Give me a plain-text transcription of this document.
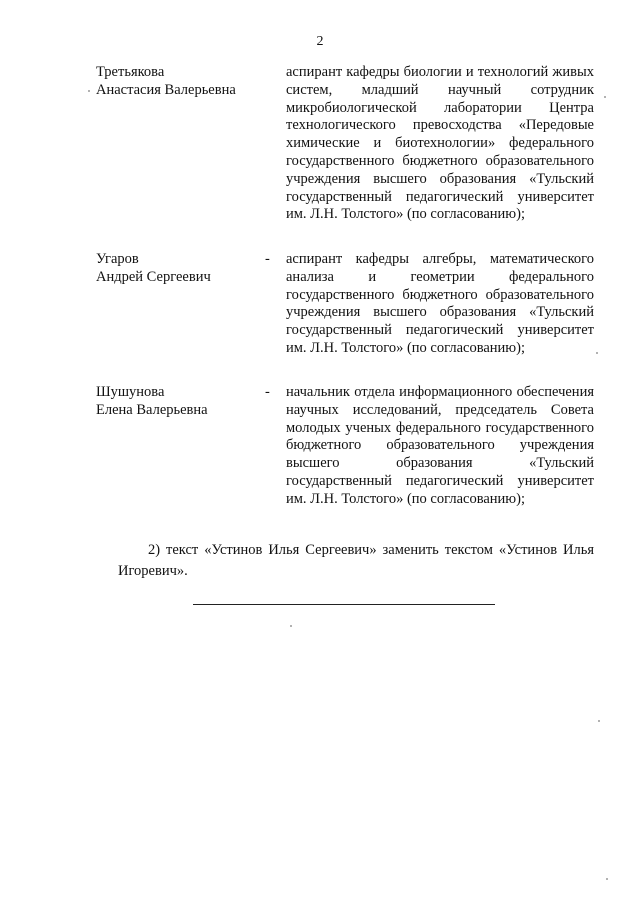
2
Третьякова
Анастасия Валерьевна
аспирант кафедры биологии и технологий живых систем, младший научный сотрудник микробиологической лаборатории Центра технологического превосходства «Передовые химические и биотехнологии» федерального государственного бюджетного образовательного учреждения высшего образования «Тульский государственный педагогический университет им. Л.Н. Толстого» (по согласованию);
Угаров
Андрей Сергеевич
- аспирант кафедры алгебры, математического анализа и геометрии федерального государственного бюджетного образовательного учреждения высшего образования «Тульский государственный педагогический университет им. Л.Н. Толстого» (по согласованию);
Шушунова
Елена Валерьевна
- начальник отдела информационного обеспечения научных исследований, председатель Совета молодых ученых федерального государственного бюджетного образовательного учреждения высшего образования «Тульский государственный педагогический университет им. Л.Н. Толстого» (по согласованию);
2) текст «Устинов Илья Сергеевич» заменить текстом «Устинов Илья Игоревич».
